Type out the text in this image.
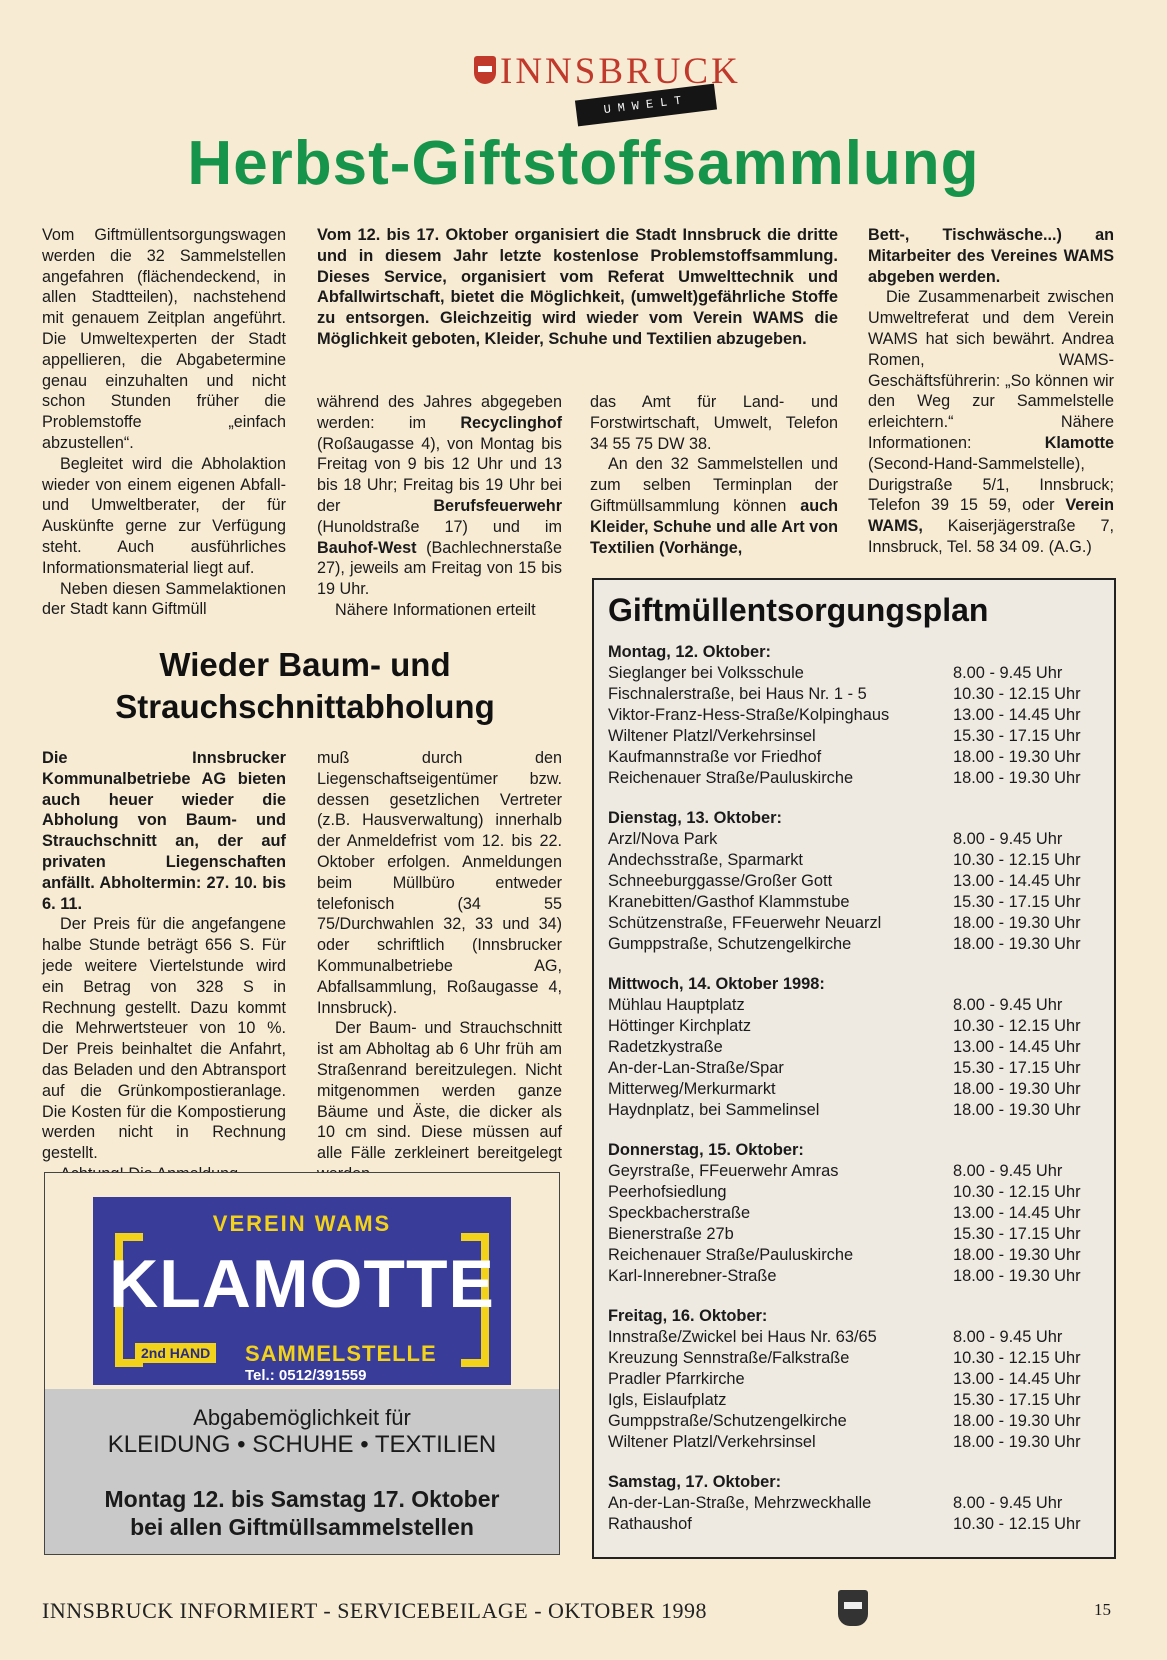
INNSBRUCK
UMWELT
Herbst-Giftstoffsammlung

Vom Giftmüllentsorgungswagen werden die 32 Sammelstellen angefahren (flächendeckend, in allen Stadtteilen), nachstehend mit genauem Zeitplan angeführt. Die Umweltexperten der Stadt appellieren, die Abgabetermine genau einzuhalten und nicht schon Stunden früher die Problemstoffe „einfach abzustellen“.

Begleitet wird die Abholaktion wieder von einem eigenen Abfall- und Umweltberater, der für Auskünfte gerne zur Verfügung steht. Auch ausführliches Informationsmaterial liegt auf.

Neben diesen Sammelaktionen der Stadt kann Giftmüll

Vom 12. bis 17. Oktober organisiert die Stadt Innsbruck die dritte und in diesem Jahr letzte kostenlose Problemstoffsammlung. Dieses Service, organisiert vom Referat Umwelttechnik und Abfallwirtschaft, bietet die Möglichkeit, (umwelt)gefährliche Stoffe zu entsorgen. Gleichzeitig wird wieder vom Verein WAMS die Möglichkeit geboten, Kleider, Schuhe und Textilien abzugeben.

während des Jahres abgegeben werden: im Recyclinghof (Roßaugasse 4), von Montag bis Freitag von 9 bis 12 Uhr und 13 bis 18 Uhr; Freitag bis 19 Uhr bei der Berufsfeuerwehr (Hunoldstraße 17) und im Bauhof-West (Bachlechnerstaße 27), jeweils am Freitag von 15 bis 19 Uhr.

Nähere Informationen erteilt

das Amt für Land- und Forstwirtschaft, Umwelt, Telefon 34 55 75 DW 38.

An den 32 Sammelstellen und zum selben Terminplan der Giftmüllsammlung können auch Kleider, Schuhe und alle Art von Textilien (Vorhänge,

Bett-, Tischwäsche...) an Mitarbeiter des Vereines WAMS abgeben werden.

Die Zusammenarbeit zwischen Umweltreferat und dem Verein WAMS hat sich bewährt. Andrea Romen, WAMS-Geschäftsführerin: „So können wir den Weg zur Sammelstelle erleichtern.“ Nähere Informationen: Klamotte (Second-Hand-Sammelstelle), Durigstraße 5/1, Innsbruck; Telefon 39 15 59, oder Verein WAMS, Kaiserjägerstraße 7, Innsbruck, Tel. 58 34 09. (A.G.)

Wieder Baum- und Strauchschnittabholung

Die Innsbrucker Kommunalbetriebe AG bieten auch heuer wieder die Abholung von Baum- und Strauchschnitt an, der auf privaten Liegenschaften anfällt. Abholtermin: 27. 10. bis 6. 11.

Der Preis für die angefangene halbe Stunde beträgt 656 S. Für jede weitere Viertelstunde wird ein Betrag von 328 S in Rechnung gestellt. Dazu kommt die Mehrwertsteuer von 10 %. Der Preis beinhaltet die Anfahrt, das Beladen und den Abtransport auf die Grünkompostieranlage. Die Kosten für die Kompostierung werden nicht in Rechnung gestellt.

muß durch den Liegenschaftseigentümer bzw. dessen gesetzlichen Vertreter (z.B. Hausverwaltung) innerhalb der Anmeldefrist vom 12. bis 22. Oktober erfolgen. Anmeldungen beim Müllbüro entweder telefonisch (34 55 75/Durchwahlen 32, 33 und 34) oder schriftlich (Innsbrucker Kommunalbetriebe AG, Abfallsammlung, Roßaugasse 4, Innsbruck).

Der Baum- und Strauchschnitt ist am Abholtag ab 6 Uhr früh am Straßenrand bereitzulegen. Nicht mitgenommen werden ganze Bäume und Äste, die dicker als 10 cm sind. Diese müssen auf alle Fälle zerkleinert bereitgelegt

VEREIN WAMS
KLAMOTTE
2nd HAND SAMMELSTELLE
Tel.: 0512/391559
Abgabemöglichkeit für
KLEIDUNG • SCHUHE • TEXTILIEN
Montag 12. bis Samstag 17. Oktober
bei allen Giftmüllsammelstellen
Giftmüllentsorgungsplan
Montag, 12. Oktober:
Sieglanger bei Volksschule	8.00 - 9.45 Uhr
Fischnalerstraße, bei Haus Nr. 1 - 5	10.30 - 12.15 Uhr
Viktor-Franz-Hess-Straße/Kolpinghaus	13.00 - 14.45 Uhr
Wiltener Platzl/Verkehrsinsel	15.30 - 17.15 Uhr
Kaufmannstraße vor Friedhof	18.00 - 19.30 Uhr
Reichenauer Straße/Pauluskirche	18.00 - 19.30 Uhr
Dienstag, 13. Oktober:
Arzl/Nova Park	8.00 - 9.45 Uhr
Andechsstraße, Sparmarkt	10.30 - 12.15 Uhr
Schneeburggasse/Großer Gott	13.00 - 14.45 Uhr
Kranebitten/Gasthof Klammstube	15.30 - 17.15 Uhr
Schützenstraße, FFeuerwehr Neuarzl	18.00 - 19.30 Uhr
Gumppstraße, Schutzengelkirche	18.00 - 19.30 Uhr
Mittwoch, 14. Oktober 1998:
Mühlau Hauptplatz	8.00 - 9.45 Uhr
Höttinger Kirchplatz	10.30 - 12.15 Uhr
Radetzkystraße	13.00 - 14.45 Uhr
An-der-Lan-Straße/Spar	15.30 - 17.15 Uhr
Mitterweg/Merkurmarkt	18.00 - 19.30 Uhr
Haydnplatz, bei Sammelinsel	18.00 - 19.30 Uhr
Donnerstag, 15. Oktober:
Geyrstraße, FFeuerwehr Amras	8.00 - 9.45 Uhr
Peerhofsiedlung	10.30 - 12.15 Uhr
Speckbacherstraße	13.00 - 14.45 Uhr
Bienerstraße 27b	15.30 - 17.15 Uhr
Reichenauer Straße/Pauluskirche	18.00 - 19.30 Uhr
Karl-Innerebner-Straße	18.00 - 19.30 Uhr
Freitag, 16. Oktober:
Innstraße/Zwickel bei Haus Nr. 63/65	8.00 - 9.45 Uhr
Kreuzung Sennstraße/Falkstraße	10.30 - 12.15 Uhr
Pradler Pfarrkirche	13.00 - 14.45 Uhr
Igls, Eislaufplatz	15.30 - 17.15 Uhr
Gumppstraße/Schutzengelkirche	18.00 - 19.30 Uhr
Wiltener Platzl/Verkehrsinsel	18.00 - 19.30 Uhr
Samstag, 17. Oktober:
An-der-Lan-Straße, Mehrzweckhalle	8.00 - 9.45 Uhr
Rathaushof	10.30 - 12.15 Uhr
INNSBRUCK INFORMIERT - SERVICEBEILAGE - OKTOBER 1998	15
